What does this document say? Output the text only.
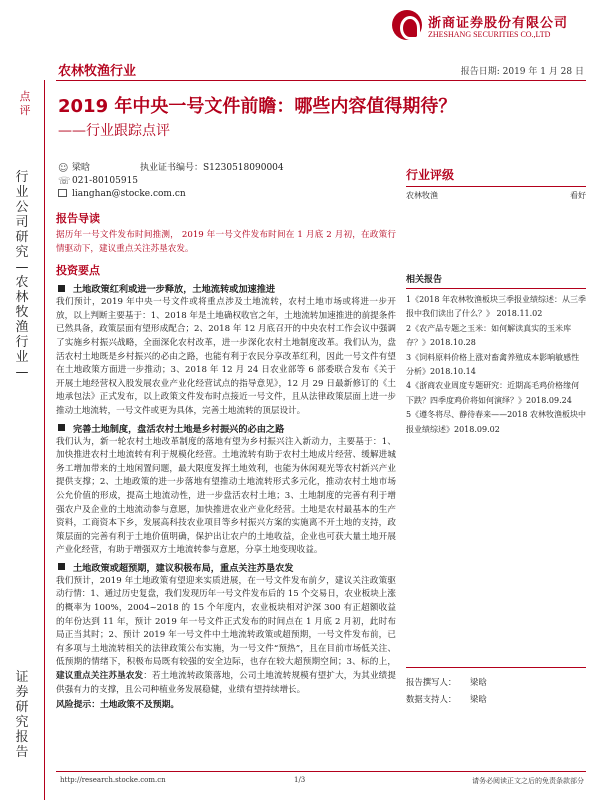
浙商证券股份有限公司
ZHESHANG SECURITIES CO.,LTD
农林牧渔行业	报告日期: 2019 年 1 月 28 日
点评
行业公司研究—农林牧渔行业—
证券研究报告
2019 年中央一号文件前瞻：哪些内容值得期待？
——行业跟踪点评
☺ 梁晗	执业证书编号：S1230518090004
☏ 021-80105915
lianghan@stocke.com.cn
报告导读
据历年一号文件发布时间推测， 2019 年一号文件发布时间在 1 月底 2 月初，在政策行情驱动下，建议重点关注苏垦农发。
投资要点
土地政策红利或进一步释放，土地流转或加速推进
我们预计，2019 年中央一号文件或将重点涉及土地流转，农村土地市场或将进一步开放，以上判断主要基于：1、2018 年是土地确权收官之年，土地流转加速推进的前提条件已然具备，政策层面有望形成配合；2、2018 年 12 月底召开的中央农村工作会议中强调了实施乡村振兴战略，全面深化农村改革，进一步深化农村土地制度改革。我们认为，盘活农村土地既是乡村振兴的必由之路，也能有利于农民分享改革红利，因此一号文件有望在土地政策方面进一步推动；3、2018 年 12 月 24 日农业部等 6 部委联合发布《关于开展土地经营权入股发展农业产业化经营试点的指导意见》，12 月 29 日最新修订的《土地承包法》正式发布，以上政策文件发布时点接近一号文件，且从法律政策层面上进一步推动土地流转，一号文件或更为具体，完善土地流转的顶层设计。
完善土地制度，盘活农村土地是乡村振兴的必由之路
我们认为，新一轮农村土地改革制度的落地有望为乡村振兴注入新动力，主要基于：1、加快推进农村土地流转有利于规模化经营。土地流转有助于农村土地成片经营、缓解进城务工增加带来的土地闲置问题，最大限度发挥土地效利，也能为休闲观光等农村新兴产业提供支撑；2、土地政策的进一步落地有望推动土地流转形式多元化，推动农村土地市场公允价值的形成，提高土地流动性，进一步盘活农村土地；3、土地制度的完善有利于增强农户及企业的土地流动参与意愿，加快推进农业产业化经营。土地是农村最基本的生产资料，工商资本下乡，发展高科技农业项目等乡村振兴方案的实施离不开土地的支持，政策层面的完善有利于土地价值明确，保护出让农户的土地收益，企业也可获大量土地开展产业化经营，有助于增强双方土地流转参与意愿，分享土地变现收益。
土地政策或超预期，建议积极布局，重点关注苏垦农发
我们预计，2019 年土地政策有望迎来实质进展，在一号文件发布前夕，建议关注政策驱动行情：1、通过历史复盘，我们发现历年一号文件发布后的 15 个交易日，农业板块上涨的概率为 100%，2004~2018 的 15 个年度内，农业板块相对沪深 300 有正超额收益的年份达到 11 年，预计 2019 年一号文件正式发布的时间点在 1 月底 2 月初，此时布局正当其时；2、预计 2019 年一号文件中土地流转政策或超预期，一号文件发布前，已有多项与土地流转相关的法律政策公布实施，为一号文件“预热”，且在目前市场低关注、低预期的情绪下，积极布局既有较强的安全边际，也存在较大超预期空间；3、标的上，建议重点关注苏垦农发：若土地流转政策落地，公司土地流转规模有望扩大，为其业绩提供强有力的支撑，且公司种植业务发展稳健，业绩有望持续增长。
风险提示：土地政策不及预期。
行业评级
农林牧渔	看好
相关报告
1《2018 年农林牧渔板块三季报业绩综述：从三季报中我们读出了什么？》 2018.11.02
2《农产品专题之玉米：如何解读真实的玉米库存？》2018.10.28
3《饲料原料价格上涨对畜禽养殖成本影响敏感性分析》2018.10.14
4《浙商农业周度专题研究：近期高毛鸡价格缘何下跌？四季度鸡价将如何演绎？》2018.09.24
5《遵冬将尽、静待春来——2018 农林牧渔板块中报业绩综述》2018.09.02
报告撰写人：	梁晗
数据支持人：	梁晗
http://research.stocke.com.cn	1/3	请务必阅读正文之后的免责条款部分
